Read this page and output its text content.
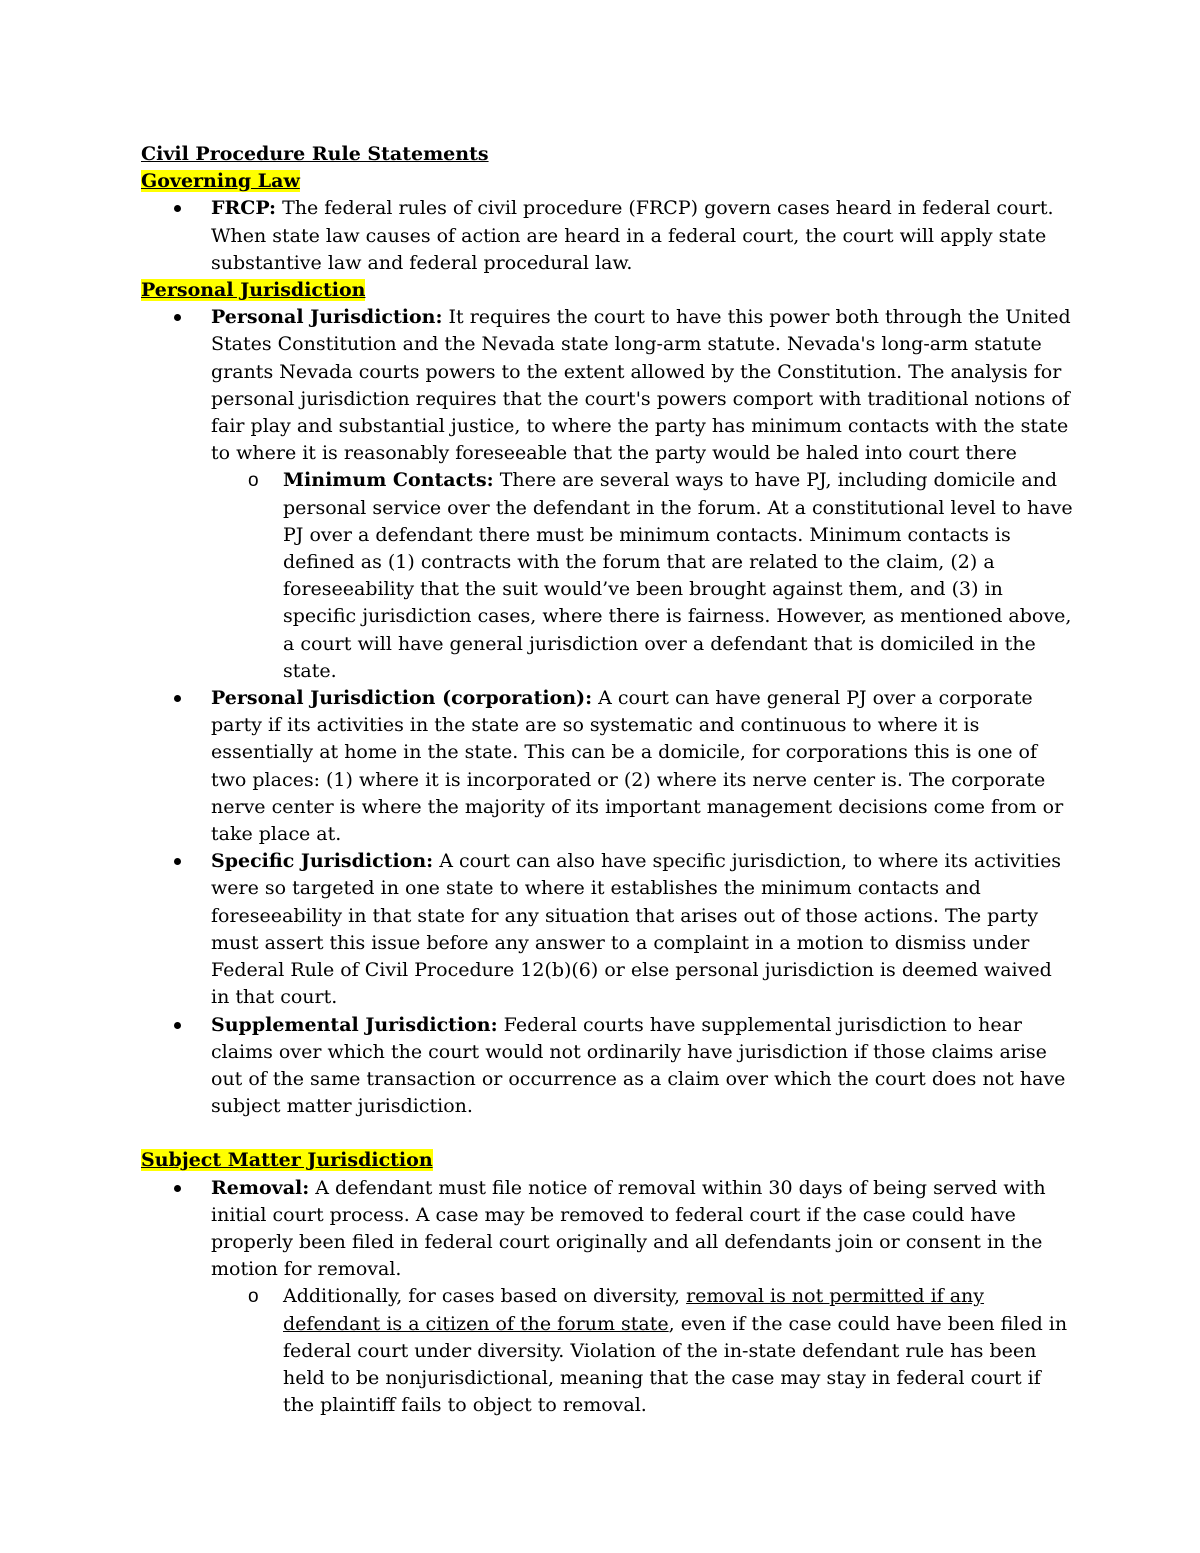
Civil Procedure Rule Statements

Governing Law

FRCP: The federal rules of civil procedure (FRCP) govern cases heard in federal court. When state law causes of action are heard in a federal court, the court will apply state substantive law and federal procedural law.

Personal Jurisdiction

Personal Jurisdiction: It requires the court to have this power both through the United States Constitution and the Nevada state long-arm statute. Nevada's long-arm statute grants Nevada courts powers to the extent allowed by the Constitution. The analysis for personal jurisdiction requires that the court's powers comport with traditional notions of fair play and substantial justice, to where the party has minimum contacts with the state to where it is reasonably foreseeable that the party would be haled into court there
o Minimum Contacts: There are several ways to have PJ, including domicile and personal service over the defendant in the forum. At a constitutional level to have PJ over a defendant there must be minimum contacts. Minimum contacts is defined as (1) contracts with the forum that are related to the claim, (2) a foreseeability that the suit would’ve been brought against them, and (3) in specific jurisdiction cases, where there is fairness. However, as mentioned above, a court will have general jurisdiction over a defendant that is domiciled in the state.
Personal Jurisdiction (corporation): A court can have general PJ over a corporate party if its activities in the state are so systematic and continuous to where it is essentially at home in the state. This can be a domicile, for corporations this is one of two places: (1) where it is incorporated or (2) where its nerve center is. The corporate nerve center is where the majority of its important management decisions come from or take place at.
Specific Jurisdiction: A court can also have specific jurisdiction, to where its activities were so targeted in one state to where it establishes the minimum contacts and foreseeability in that state for any situation that arises out of those actions. The party must assert this issue before any answer to a complaint in a motion to dismiss under Federal Rule of Civil Procedure 12(b)(6) or else personal jurisdiction is deemed waived in that court.
Supplemental Jurisdiction: Federal courts have supplemental jurisdiction to hear claims over which the court would not ordinarily have jurisdiction if those claims arise out of the same transaction or occurrence as a claim over which the court does not have subject matter jurisdiction.

Subject Matter Jurisdiction

Removal: A defendant must file notice of removal within 30 days of being served with initial court process. A case may be removed to federal court if the case could have properly been filed in federal court originally and all defendants join or consent in the motion for removal.
o Additionally, for cases based on diversity, removal is not permitted if any defendant is a citizen of the forum state, even if the case could have been filed in federal court under diversity. Violation of the in-state defendant rule has been held to be nonjurisdictional, meaning that the case may stay in federal court if the plaintiff fails to object to removal.
